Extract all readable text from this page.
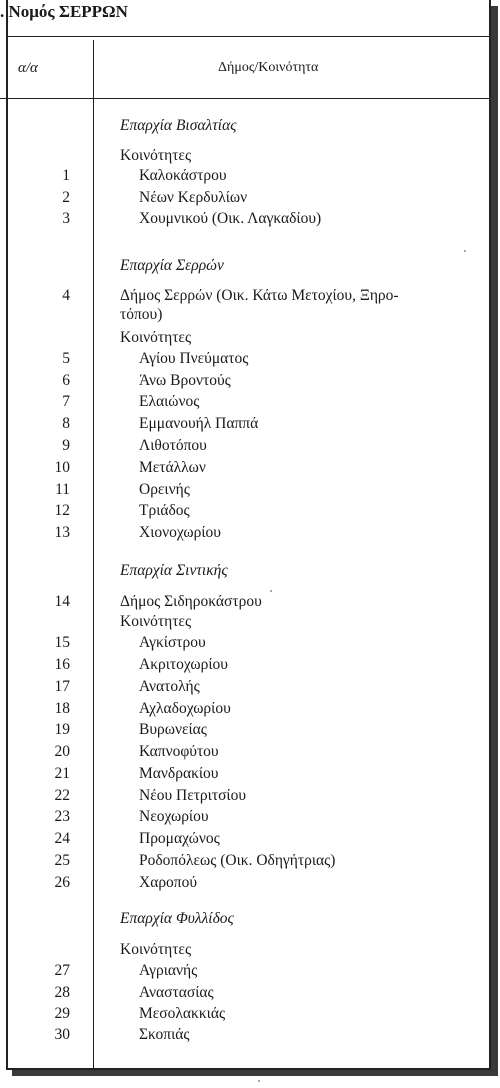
. Νομός ΣΕΡΡΩΝ
α/α	Δήμος/Κοινότητα
Επαρχία Βισαλτίας
Κοινότητες
1	Καλοκάστρου
2	Νέων Κερδυλίων
3	Χουμνικού (Οικ. Λαγκαδίου)
Επαρχία Σερρών
4	Δήμος Σερρών (Οικ. Κάτω Μετοχίου, Ξηρο-
τόπου)
Κοινότητες
5	Αγίου Πνεύματος
6	Άνω Βροντούς
7	Ελαιώνος
8	Εμμανουήλ Παππά
9	Λιθοτόπου
10	Μετάλλων
11	Ορεινής
12	Τριάδος
13	Χιονοχωρίου
Επαρχία Σιντικής
14	Δήμος Σιδηροκάστρου
Κοινότητες
15	Αγκίστρου
16	Ακριτοχωρίου
17	Ανατολής
18	Αχλαδοχωρίου
19	Βυρωνείας
20	Καπνοφύτου
21	Μανδρακίου
22	Νέου Πετριτσίου
23	Νεοχωρίου
24	Προμαχώνος
25	Ροδοπόλεως (Οικ. Οδηγήτριας)
26	Χαροπού
Επαρχία Φυλλίδος
Κοινότητες
27	Αγριανής
28	Αναστασίας
29	Μεσολακκιάς
30	Σκοπιάς
